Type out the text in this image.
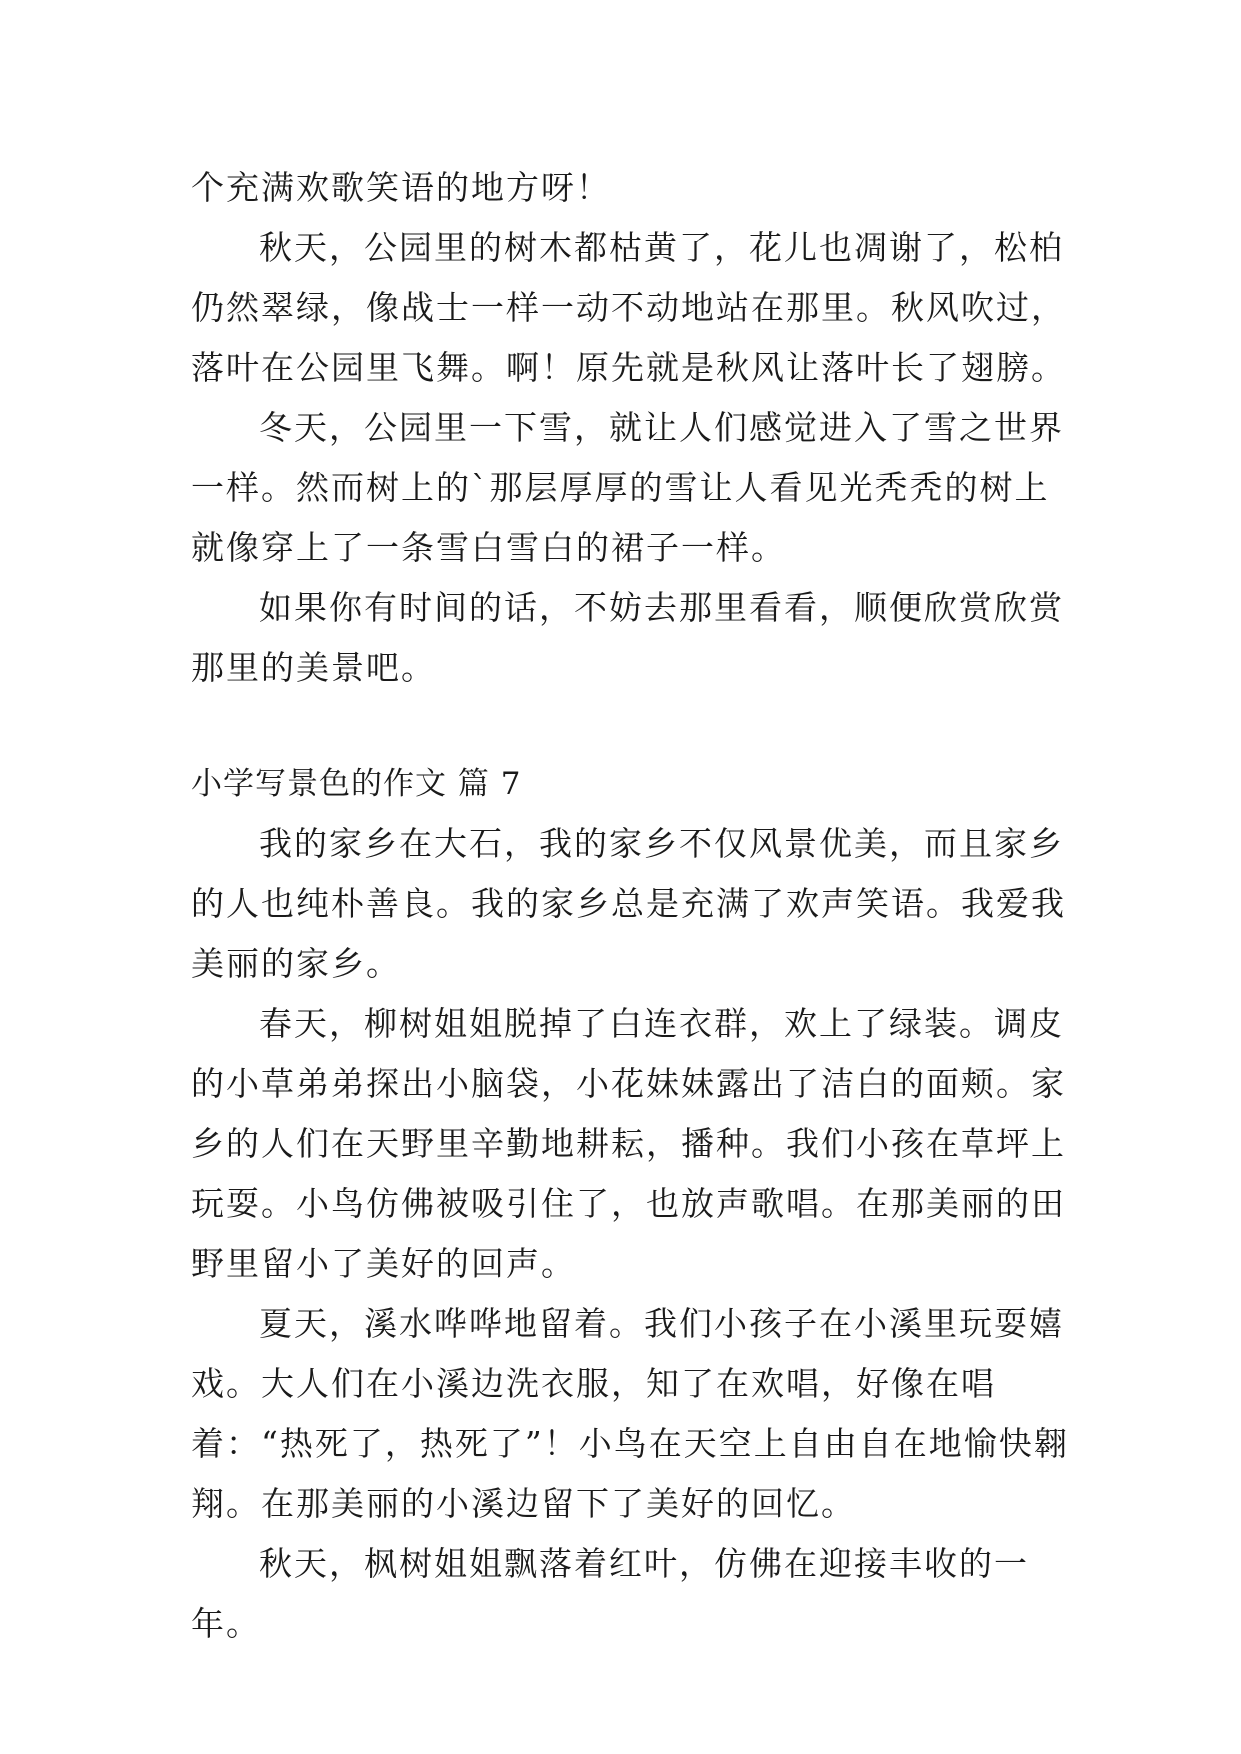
个充满欢歌笑语的地方呀！

秋天，公园里的树木都枯黄了，花儿也凋谢了，松柏仍然翠绿，像战士一样一动不动地站在那里。秋风吹过，落叶在公园里飞舞。啊！原先就是秋风让落叶长了翅膀。

冬天，公园里一下雪，就让人们感觉进入了雪之世界一样。然而树上的`那层厚厚的雪让人看见光秃秃的树上就像穿上了一条雪白雪白的裙子一样。

如果你有时间的话，不妨去那里看看，顺便欣赏欣赏那里的美景吧。

小学写景色的作文 篇 7

我的家乡在大石，我的家乡不仅风景优美，而且家乡的人也纯朴善良。我的家乡总是充满了欢声笑语。我爱我美丽的家乡。

春天，柳树姐姐脱掉了白连衣群，欢上了绿装。调皮的小草弟弟探出小脑袋，小花妹妹露出了洁白的面颊。家乡的人们在天野里辛勤地耕耘，播种。我们小孩在草坪上玩耍。小鸟仿佛被吸引住了，也放声歌唱。在那美丽的田野里留小了美好的回声。

夏天，溪水哗哗地留着。我们小孩子在小溪里玩耍嬉戏。大人们在小溪边洗衣服，知了在欢唱，好像在唱着：“热死了，热死了”！小鸟在天空上自由自在地愉快翱翔。在那美丽的小溪边留下了美好的回忆。

秋天，枫树姐姐飘落着红叶，仿佛在迎接丰收的一年。
